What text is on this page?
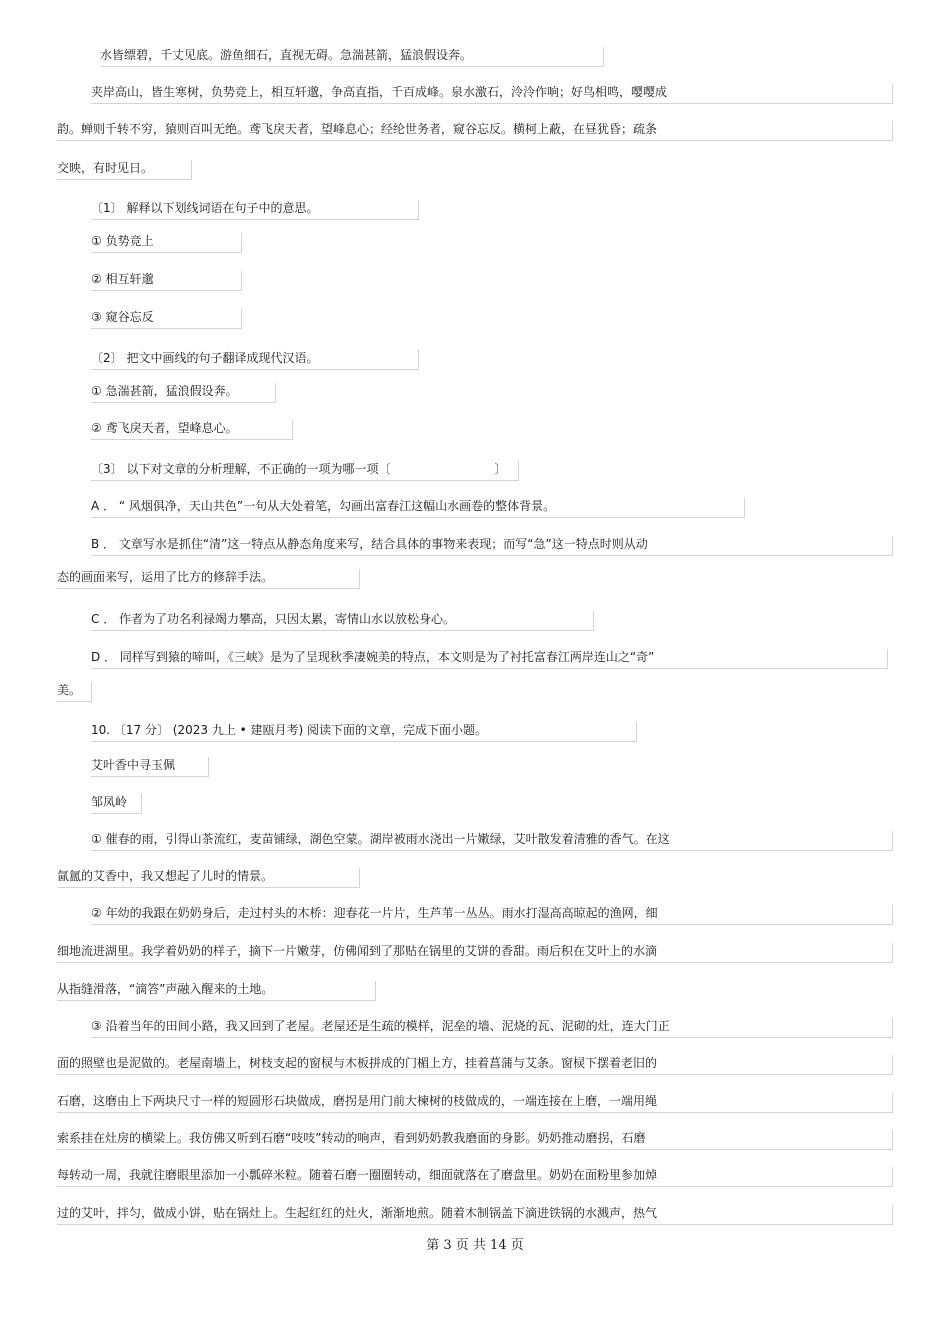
水皆缥碧，千丈见底。游鱼细石，直视无碍。急湍甚箭，猛浪假设奔。
夹岸高山，皆生寒树，负势竞上，相互轩邈，争高直指，千百成峰。泉水激石，泠泠作响；好鸟相鸣，嘤嘤成
韵。蝉则千转不穷，猿则百叫无绝。鸢飞戾天者，望峰息心；经纶世务者，窥谷忘反。横柯上蔽，在昼犹昏；疏条
交映，有时见日。
〔1〕 解释以下划线词语在句子中的意思。
① 负势竞上
② 相互轩邈
③ 窥谷忘反
〔2〕 把文中画线的句子翻译成现代汉语。
① 急湍甚箭，猛浪假设奔。
② 鸢飞戾天者，望峰息心。
〔3〕 以下对文章的分析理解，不正确的一项为哪一项〔	〕
A ． “ 风烟俱净，天山共色”一句从大处着笔，勾画出富春江这幅山水画卷的整体背景。
B ． 文章写水是抓住“清”这一特点从静态角度来写，结合具体的事物来表现；而写“急”这一特点时则从动
态的画面来写，运用了比方的修辞手法。
C ． 作者为了功名利禄竭力攀高，只因太累，寄情山水以放松身心。
D ． 同样写到猿的啼叫，《三峡》是为了呈现秋季凄婉美的特点，本文则是为了衬托富春江两岸连山之“奇”
美。
10. 〔17 分〕 (2023 九上 • 建瓯月考) 阅读下面的文章，完成下面小题。
艾叶香中寻玉佩
邹凤岭
① 催春的雨，引得山茶流红，麦苗铺绿，湖色空蒙。湖岸被雨水浇出一片嫩绿，艾叶散发着清雅的香气。在这
氤氲的艾香中，我又想起了儿时的情景。
② 年幼的我跟在奶奶身后，走过村头的木桥：迎春花一片片，生芦苇一丛丛。雨水打湿高高晾起的渔网，细
细地流进湖里。我学着奶奶的样子，摘下一片嫩芽，仿佛闻到了那贴在锅里的艾饼的香甜。雨后积在艾叶上的水滴
从指缝滑落，“滴答”声融入醒来的土地。
③ 沿着当年的田间小路，我又回到了老屋。老屋还是生疏的模样，泥垒的墙、泥烧的瓦、泥砌的灶，连大门正
面的照壁也是泥做的。老屋南墙上，树枝支起的窗棂与木板拼成的门楣上方，挂着菖蒲与艾条。窗棂下摆着老旧的
石磨，这磨由上下两块尺寸一样的短圆形石块做成，磨拐是用门前大楝树的枝做成的，一端连接在上磨，一端用绳
索系挂在灶房的横梁上。我仿佛又听到石磨“吱吱”转动的响声，看到奶奶教我磨面的身影。奶奶推动磨拐，石磨
每转动一周，我就往磨眼里添加一小瓢碎米粒。随着石磨一圈圈转动，细面就落在了磨盘里。奶奶在面粉里参加焯
过的艾叶，拌匀，做成小饼，贴在锅灶上。生起红红的灶火，渐渐地煎。随着木制锅盖下滴进铁锅的水溅声，热气
第 3 页 共 14 页
